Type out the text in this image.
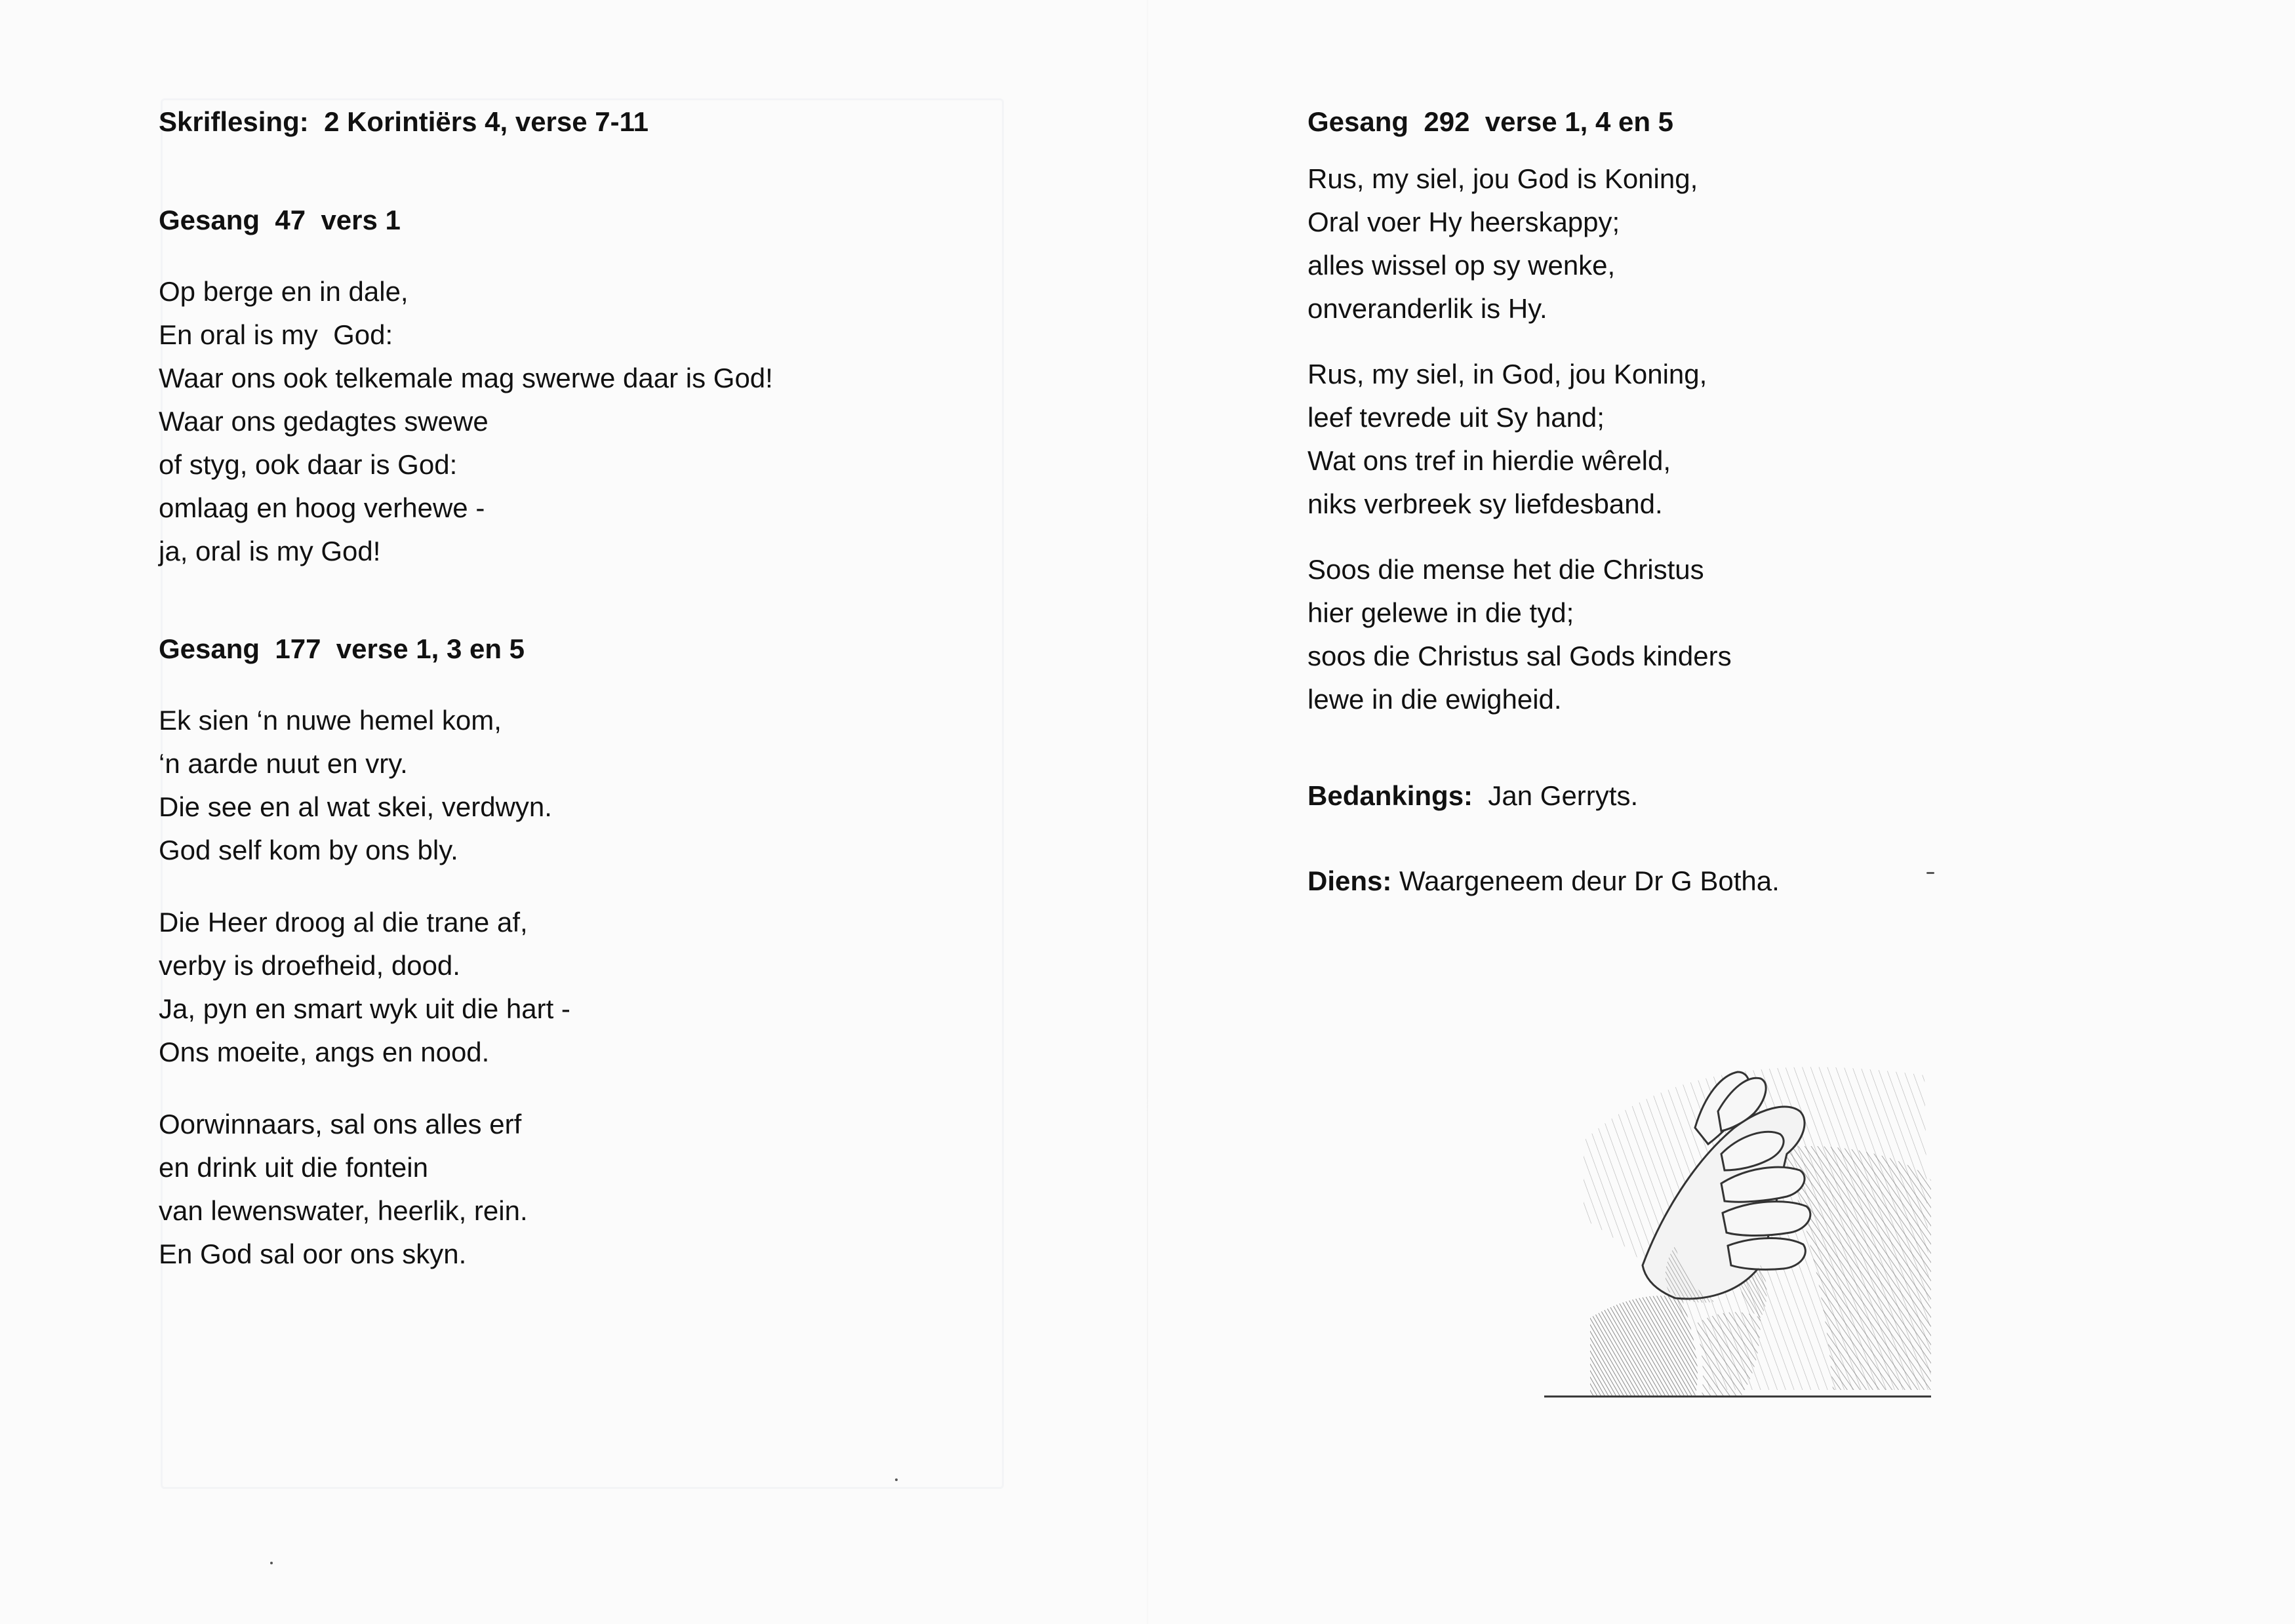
Skriflesing: 2 Korintiërs 4, verse 7-11

Gesang  47  vers 1

Op berge en in dale,
En oral is my  God:
Waar ons ook telkemale mag swerwe daar is God!
Waar ons gedagtes swewe
of styg, ook daar is God:
omlaag en hoog verhewe -
ja, oral is my God!

Gesang  177  verse 1, 3 en 5

Ek sien ‘n nuwe hemel kom,
‘n aarde nuut en vry.
Die see en al wat skei, verdwyn.
God self kom by ons bly.
Die Heer droog al die trane af,
verby is droefheid, dood.
Ja, pyn en smart wyk uit die hart -
Ons moeite, angs en nood.
Oorwinnaars, sal ons alles erf
en drink uit die fontein
van lewenswater, heerlik, rein.
En God sal oor ons skyn.

Gesang  292  verse 1, 4 en 5

Rus, my siel, jou God is Koning,
Oral voer Hy heerskappy;
alles wissel op sy wenke,
onveranderlik is Hy.
Rus, my siel, in God, jou Koning,
leef tevrede uit Sy hand;
Wat ons tref in hierdie wêreld,
niks verbreek sy liefdesband.
Soos die mense het die Christus
hier gelewe in die tyd;
soos die Christus sal Gods kinders
lewe in die ewigheid.

Bedankings: Jan Gerryts.

Diens: Waargeneem deur Dr G Botha.
